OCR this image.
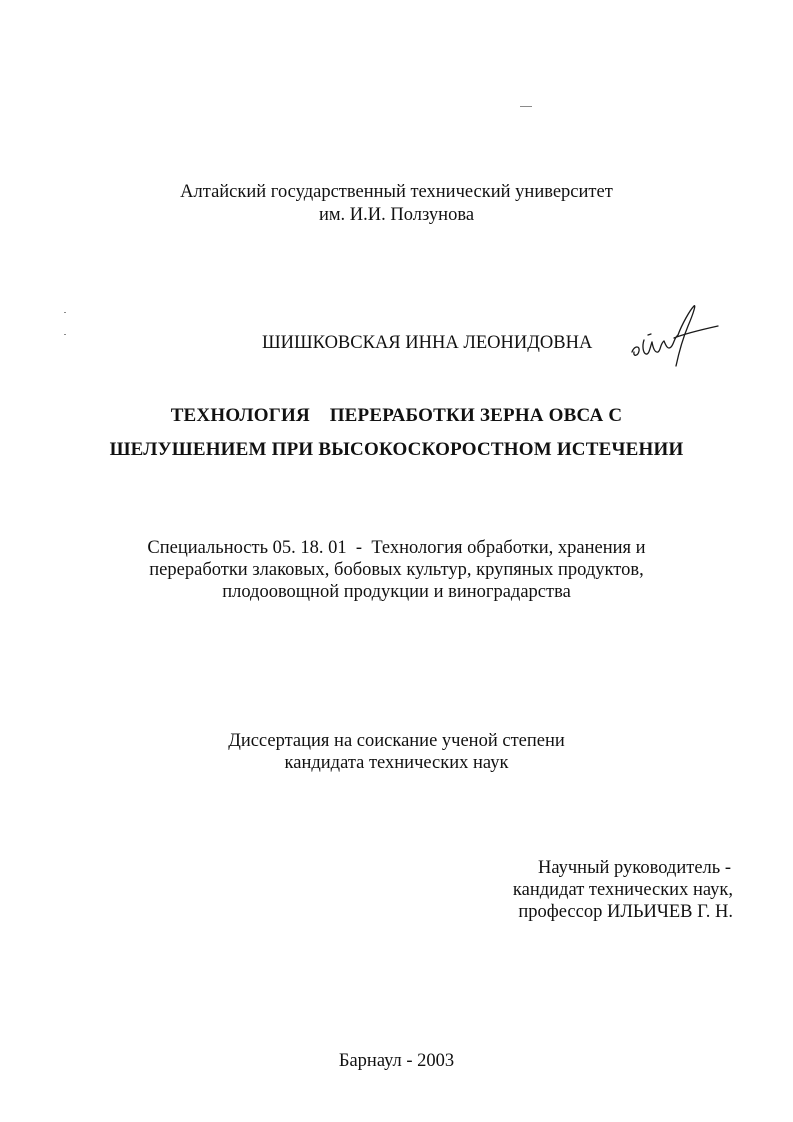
Алтайский государственный технический университет
им. И.И. Ползунова
ШИШКОВСКАЯ ИННА ЛЕОНИДОВНА
ТЕХНОЛОГИЯ    ПЕРЕРАБОТКИ ЗЕРНА ОВСА С
ШЕЛУШЕНИЕМ ПРИ ВЫСОКОСКОРОСТНОМ ИСТЕЧЕНИИ
Специальность 05. 18. 01  -  Технология обработки, хранения и
переработки злаковых, бобовых культур, крупяных продуктов,
плодоовощной продукции и виноградарства
Диссертация на соискание ученой степени
кандидата технических наук
Научный руководитель -
кандидат технических наук,
профессор ИЛЬИЧЕВ Г. Н.
Барнаул - 2003
